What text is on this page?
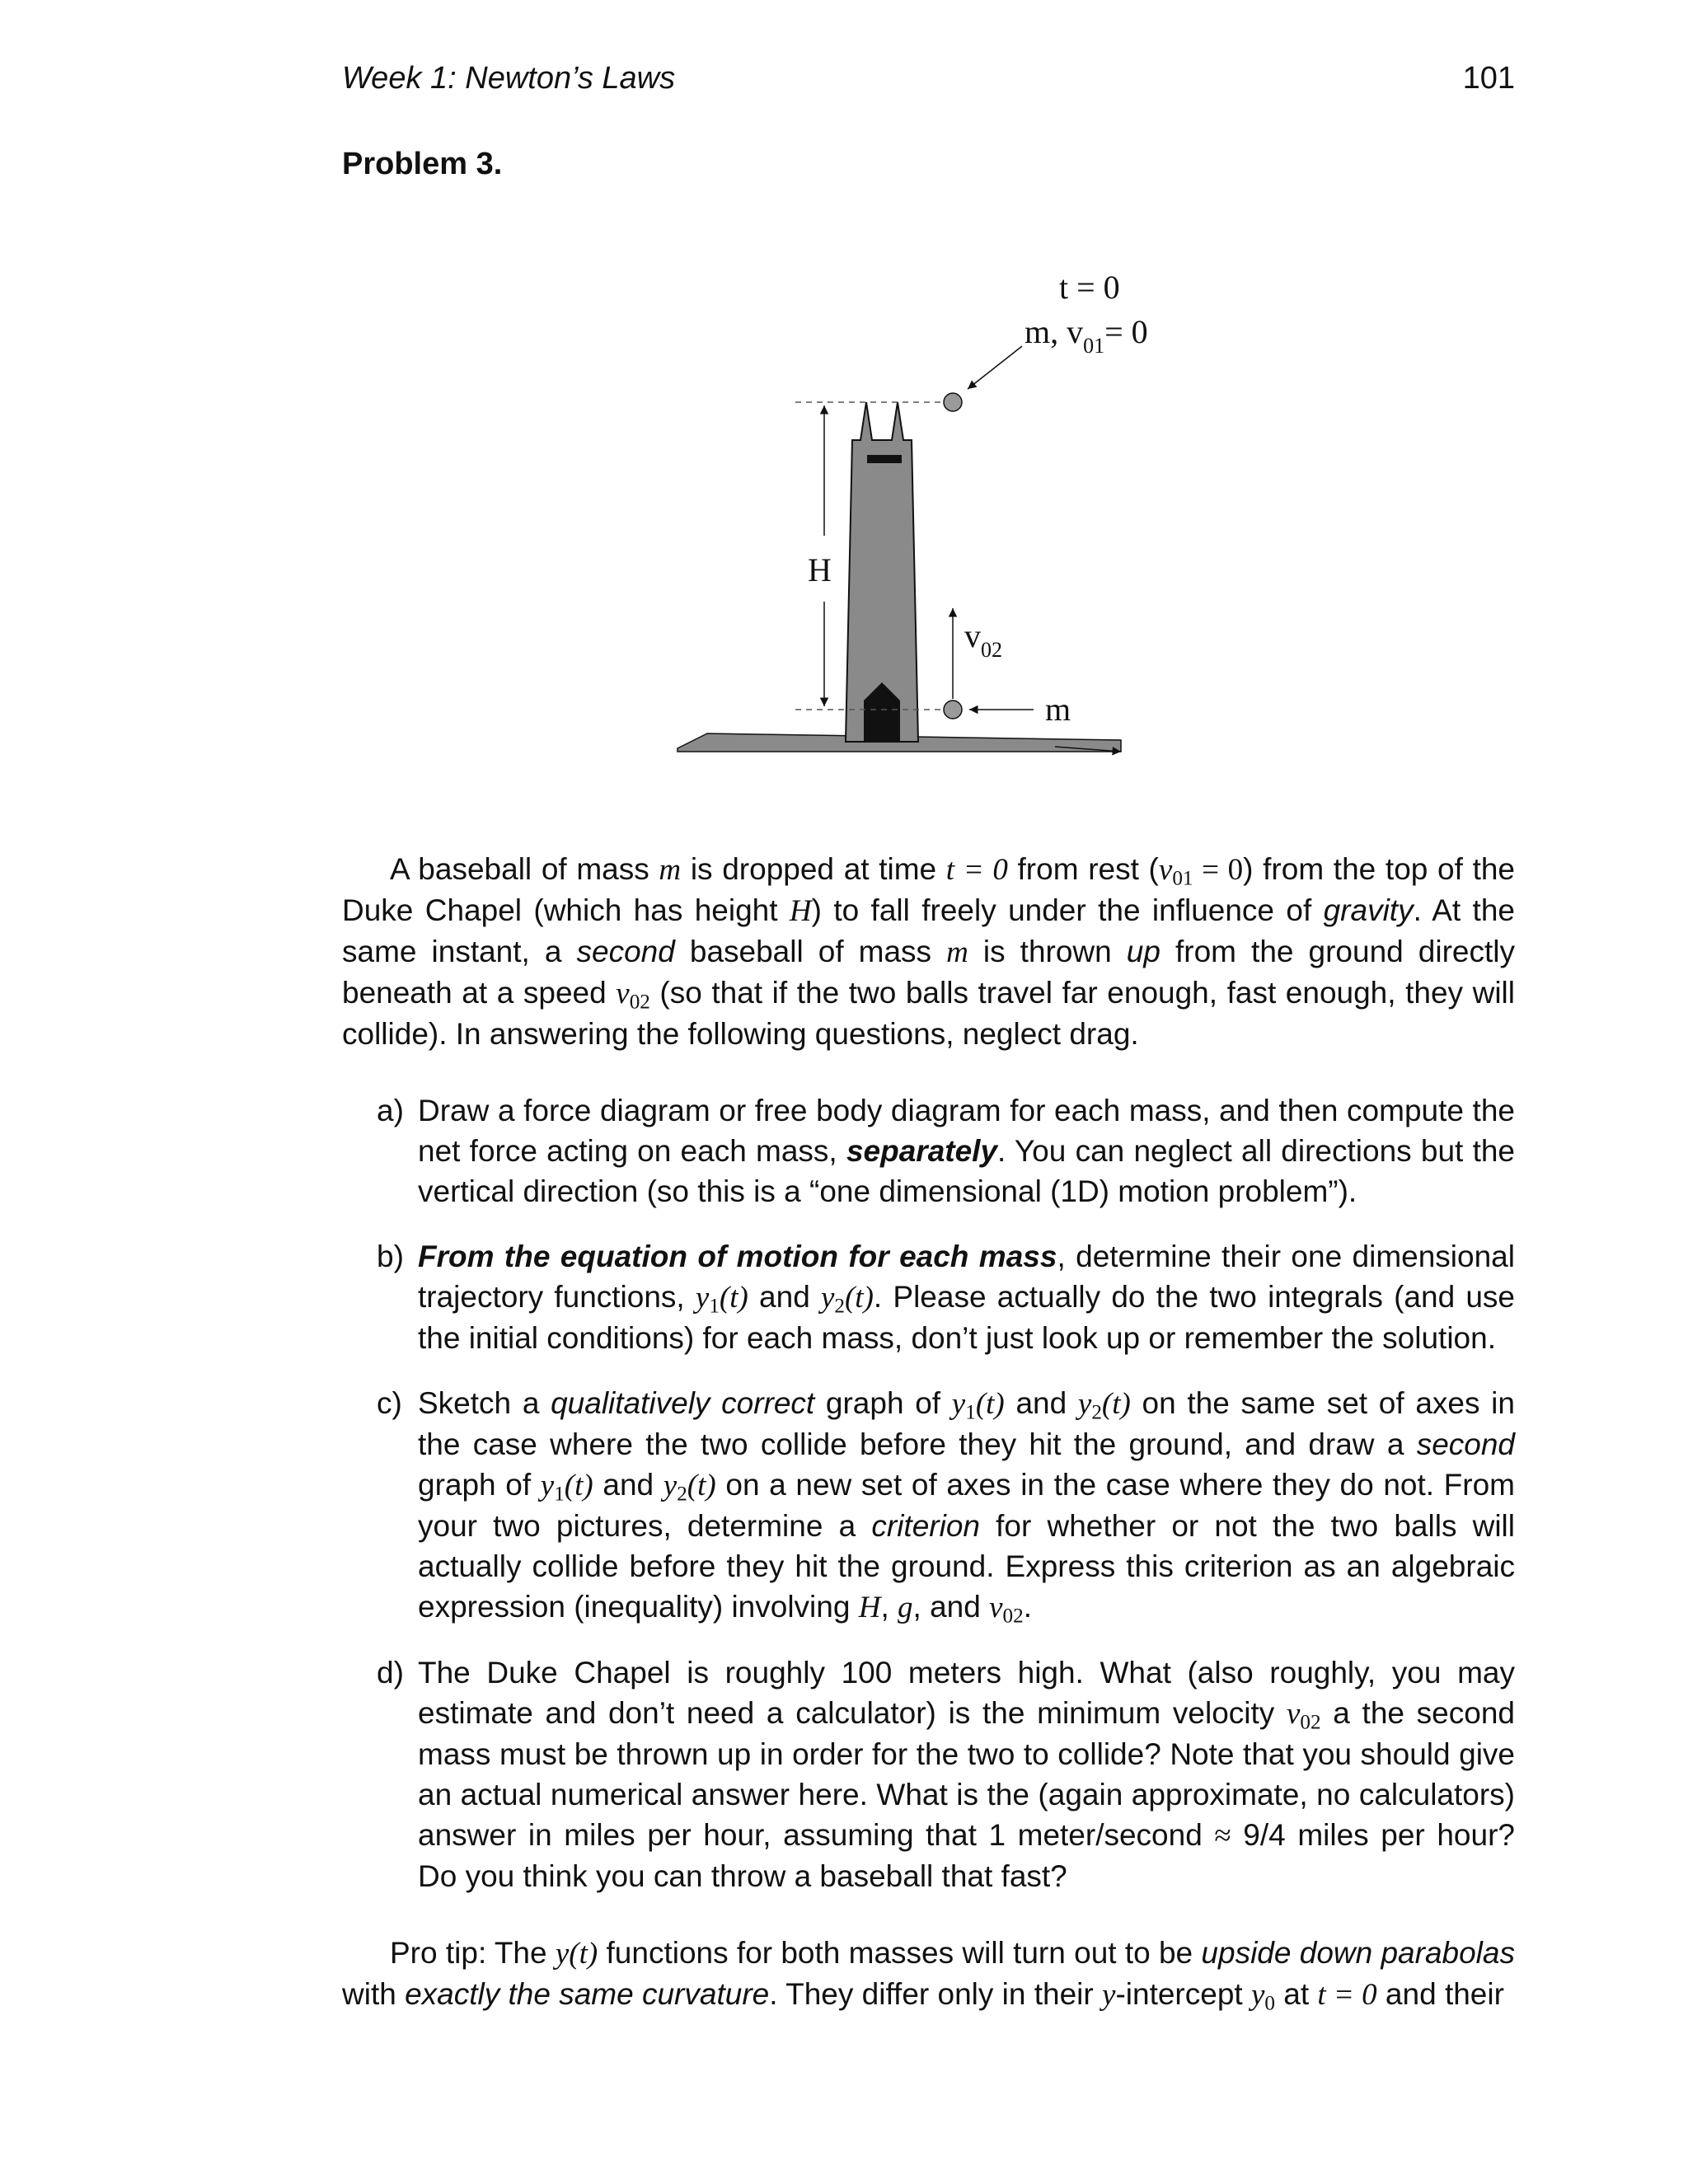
Week 1: Newton’s Laws	101
Problem 3.
H
$v_{02}$
m
t = 0
m, $v_{01}= 0$

A baseball of mass m is dropped at time t = 0 from rest $(v_{01} = 0)$ from the top of the Duke Chapel (which has height H) to fall freely under the influence of gravity. At the same instant, a second baseball of mass m is thrown up from the ground directly beneath at a speed $v_{02}$ (so that if the two balls travel far enough, fast enough, they will collide). In answering the following questions, neglect drag.

a) Draw a force diagram or free body diagram for each mass, and then compute the net force acting on each mass, separately. You can neglect all directions but the vertical direction (so this is a “one dimensional (1D) motion problem”).
b) From the equation of motion for each mass, determine their one dimensional trajectory functions, $y_1(t)$ and $y_2(t)$. Please actually do the two integrals (and use the initial conditions) for each mass, don’t just look up or remember the solution.
c) Sketch a qualitatively correct graph of $y_1(t)$ and $y_2(t)$ on the same set of axes in the case where the two collide before they hit the ground, and draw a second graph of $y_1(t)$ and $y_2(t)$ on a new set of axes in the case where they do not. From your two pictures, determine a criterion for whether or not the two balls will actually collide before they hit the ground. Express this criterion as an algebraic expression (inequality) involving H, g, and $v_{02}$.
d) The Duke Chapel is roughly 100 meters high. What (also roughly, you may estimate and don’t need a calculator) is the minimum velocity $v_{02}$ a the second mass must be thrown up in order for the two to collide? Note that you should give an actual numerical answer here. What is the (again approximate, no calculators) answer in miles per hour, assuming that 1 meter/second ≈ 9/4 miles per hour? Do you think you can throw a baseball that fast?

Pro tip: The y(t) functions for both masses will turn out to be upside down parabolas with exactly the same curvature. They differ only in their y-intercept $y_0$ at t = 0 and their
